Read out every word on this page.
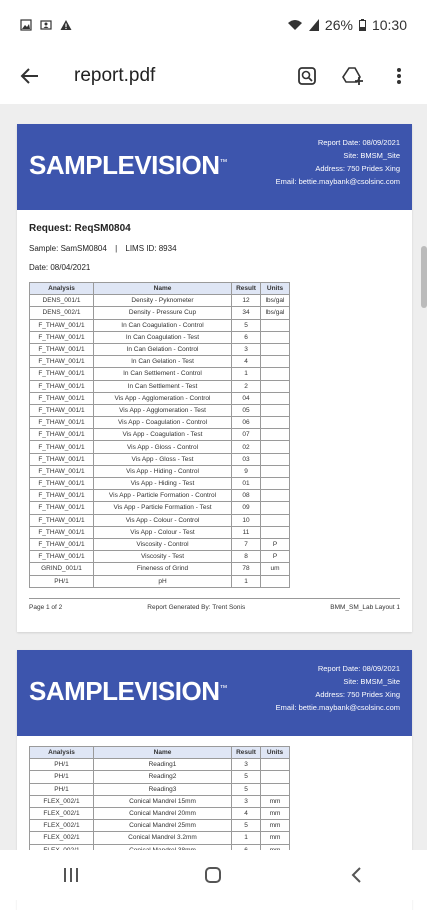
26% 10:30
report.pdf
SAMPLEVISION™
Report Date: 08/09/2021
Site: BMSM_Site
Address: 750 Prides Xing
Email: bettie.maybank@csolsinc.com
Request: ReqSM0804
Sample: SamSM0804 | LIMS ID: 8934
Date: 08/04/2021
Analysis	Name	Result	Units
DENS_001/1	Density - Pyknometer	12	lbs/gal
DENS_002/1	Density - Pressure Cup	34	lbs/gal
F_THAW_001/1	In Can Coagulation - Control	5	
F_THAW_001/1	In Can Coagulation - Test	6	
F_THAW_001/1	In Can Gelation - Control	3	
F_THAW_001/1	In Can Gelation - Test	4	
F_THAW_001/1	In Can Settlement - Control	1	
F_THAW_001/1	In Can Settlement - Test	2	
F_THAW_001/1	Vis App - Agglomeration - Control	04	
F_THAW_001/1	Vis App - Agglomeration - Test	05	
F_THAW_001/1	Vis App - Coagulation - Control	06	
F_THAW_001/1	Vis App - Coagulation - Test	07	
F_THAW_001/1	Vis App - Gloss - Control	02	
F_THAW_001/1	Vis App - Gloss - Test	03	
F_THAW_001/1	Vis App - Hiding - Control	9	
F_THAW_001/1	Vis App - Hiding - Test	01	
F_THAW_001/1	Vis App - Particle Formation - Control	08	
F_THAW_001/1	Vis App - Particle Formation - Test	09	
F_THAW_001/1	Vis App - Colour - Control	10	
F_THAW_001/1	Vis App - Colour - Test	11	
F_THAW_001/1	Viscosity - Control	7	P
F_THAW_001/1	Viscosity - Test	8	P
GRIND_001/1	Fineness of Grind	78	um
PH/1	pH	1	
Page 1 of 2	Report Generated By: Trent Sonis	BMM_SM_Lab Layout 1
SAMPLEVISION™
Report Date: 08/09/2021
Site: BMSM_Site
Address: 750 Prides Xing
Email: bettie.maybank@csolsinc.com
Analysis	Name	Result	Units
PH/1	Reading1	3	
PH/1	Reading2	5	
PH/1	Reading3	5	
FLEX_002/1	Conical Mandrel 15mm	3	mm
FLEX_002/1	Conical Mandrel 20mm	4	mm
FLEX_002/1	Conical Mandrel 25mm	5	mm
FLEX_002/1	Conical Mandrel 3.2mm	1	mm
